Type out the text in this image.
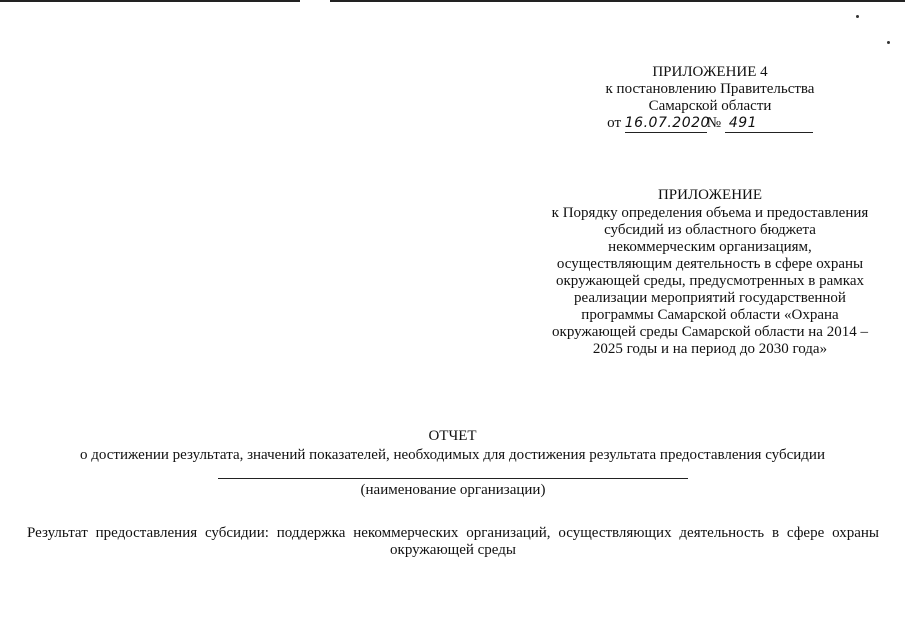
ПРИЛОЖЕНИЕ 4
к постановлению Правительства
Самарской области
от 16.07.2020№ 491
ПРИЛОЖЕНИЕ
к Порядку определения объема и предоставления
субсидий из областного бюджета
некоммерческим организациям,
осуществляющим деятельность в сфере охраны
окружающей среды, предусмотренных в рамках
реализации мероприятий государственной
программы Самарской области «Охрана
окружающей среды Самарской области на 2014 –
2025 годы и на период до 2030 года»
ОТЧЕТ
о достижении результата, значений показателей, необходимых для достижения результата предоставления субсидии
(наименование организации)
Результат предоставления субсидии: поддержка некоммерческих организаций, осуществляющих деятельность в сфере охраны
окружающей среды
